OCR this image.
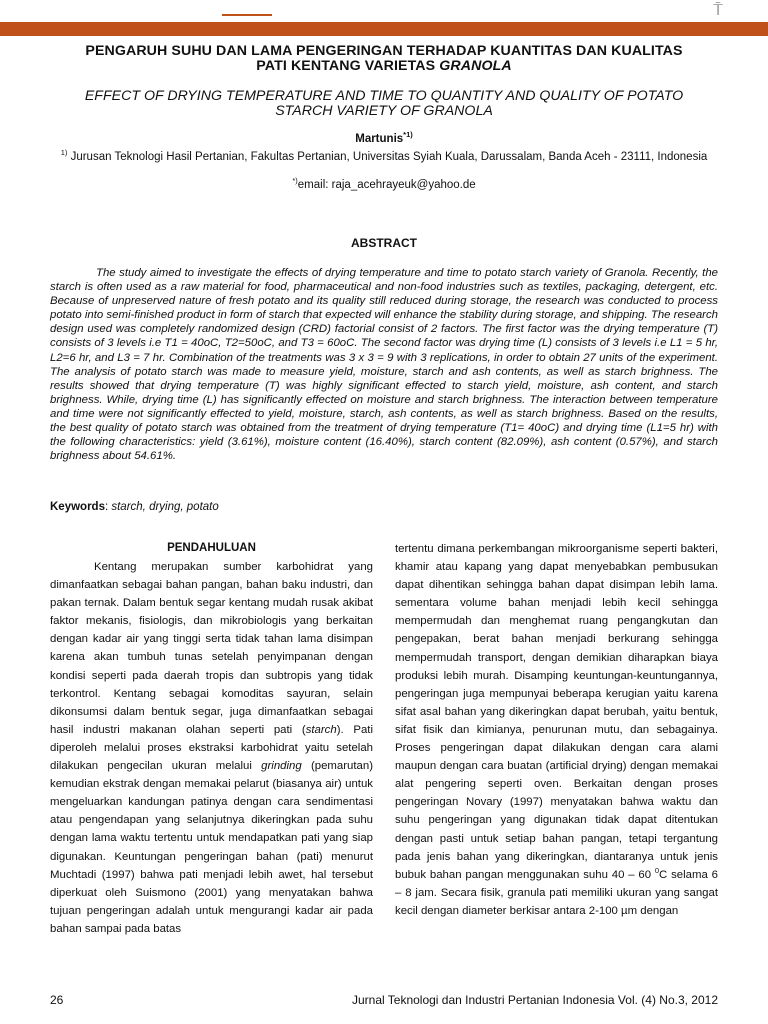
⍑
PENGARUH SUHU DAN LAMA PENGERINGAN TERHADAP KUANTITAS DAN KUALITAS
PATI KENTANG VARIETAS GRANOLA
EFFECT OF DRYING TEMPERATURE AND TIME TO QUANTITY AND QUALITY OF POTATO
STARCH VARIETY OF GRANOLA
Martunis$^{*1)}$
$^{1)}$ Jurusan Teknologi Hasil Pertanian, Fakultas Pertanian, Universitas Syiah Kuala, Darussalam, Banda Aceh - 23111, Indonesia
*)email: raja_acehrayeuk@yahoo.de
ABSTRACT

The study aimed to investigate the effects of drying temperature and time to potato starch variety of Granola. Recently, the starch is often used as a raw material for food, pharmaceutical and non-food industries such as textiles, packaging, detergent, etc. Because of unpreserved nature of fresh potato and its quality still reduced during storage, the research was conducted to process potato into semi-finished product in form of starch that expected will enhance the stability during storage, and shipping. The research design used was completely randomized design (CRD) factorial consist of 2 factors. The first factor was the drying temperature (T) consists of 3 levels i.e T1 = 40oC, T2=50oC, and T3 = 60oC. The second factor was drying time (L) consists of 3 levels i.e L1 = 5 hr, L2=6 hr, and L3 = 7 hr. Combination of the treatments was 3 x 3 = 9 with 3 replications, in order to obtain 27 units of the experiment. The analysis of potato starch was made to measure yield, moisture, starch and ash contents, as well as starch brighness. The results showed that drying temperature (T) was highly significant effected to starch yield, moisture, ash content, and starch brighness. While, drying time (L) has significantly effected on moisture and starch brighness. The interaction between temperature and time were not significantly effected to yield, moisture, starch, ash contents, as well as starch brighness. Based on the results, the best quality of potato starch was obtained from the treatment of drying temperature (T1= 40oC) and drying time (L1=5 hr) with the following characteristics: yield (3.61%), moisture content (16.40%), starch content (82.09%), ash content (0.57%), and starch brighness about 54.61%.

Keywords: starch, drying, potato
PENDAHULUAN

Kentang merupakan sumber karbohidrat yang dimanfaatkan sebagai bahan pangan, bahan baku industri, dan pakan ternak. Dalam bentuk segar kentang mudah rusak akibat faktor mekanis, fisiologis, dan mikrobiologis yang berkaitan dengan kadar air yang tinggi serta tidak tahan lama disimpan karena akan tumbuh tunas setelah penyimpanan dengan kondisi seperti pada daerah tropis dan subtropis yang tidak terkontrol. Kentang sebagai komoditas sayuran, selain dikonsumsi dalam bentuk segar, juga dimanfaatkan sebagai hasil industri makanan olahan seperti pati (starch). Pati diperoleh melalui proses ekstraksi karbohidrat yaitu setelah dilakukan pengecilan ukuran melalui grinding (pemarutan) kemudian ekstrak dengan memakai pelarut (biasanya air) untuk mengeluarkan kandungan patinya dengan cara sendimentasi atau pengendapan yang selanjutnya dikeringkan pada suhu dengan lama waktu tertentu untuk mendapatkan pati yang siap digunakan. Keuntungan pengeringan bahan (pati) menurut Muchtadi (1997) bahwa pati menjadi lebih awet, hal tersebut diperkuat oleh Suismono (2001) yang menyatakan bahwa tujuan pengeringan adalah untuk mengurangi kadar air pada bahan sampai pada batas

tertentu dimana perkembangan mikroorganisme seperti bakteri, khamir atau kapang yang dapat menyebabkan pembusukan dapat dihentikan sehingga bahan dapat disimpan lebih lama. sementara volume bahan menjadi lebih kecil sehingga mempermudah dan menghemat ruang pengangkutan dan pengepakan, berat bahan menjadi berkurang sehingga mempermudah transport, dengan demikian diharapkan biaya produksi lebih murah. Disamping keuntungan-keuntungannya, pengeringan juga mempunyai beberapa kerugian yaitu karena sifat asal bahan yang dikeringkan dapat berubah, yaitu bentuk, sifat fisik dan kimianya, penurunan mutu, dan sebagainya. Proses pengeringan dapat dilakukan dengan cara alami maupun dengan cara buatan (artificial drying) dengan memakai alat pengering seperti oven. Berkaitan dengan proses pengeringan Novary (1997) menyatakan bahwa waktu dan suhu pengeringan yang digunakan tidak dapat ditentukan dengan pasti untuk setiap bahan pangan, tetapi tergantung pada jenis bahan yang dikeringkan, diantaranya untuk jenis bubuk bahan pangan menggunakan suhu 40 – 60 $^0$C selama 6 – 8 jam. Secara fisik, granula pati memiliki ukuran yang sangat kecil dengan diameter berkisar antara 2-100 µm dengan

26	Jurnal Teknologi dan Industri Pertanian Indonesia Vol. (4) No.3, 2012
